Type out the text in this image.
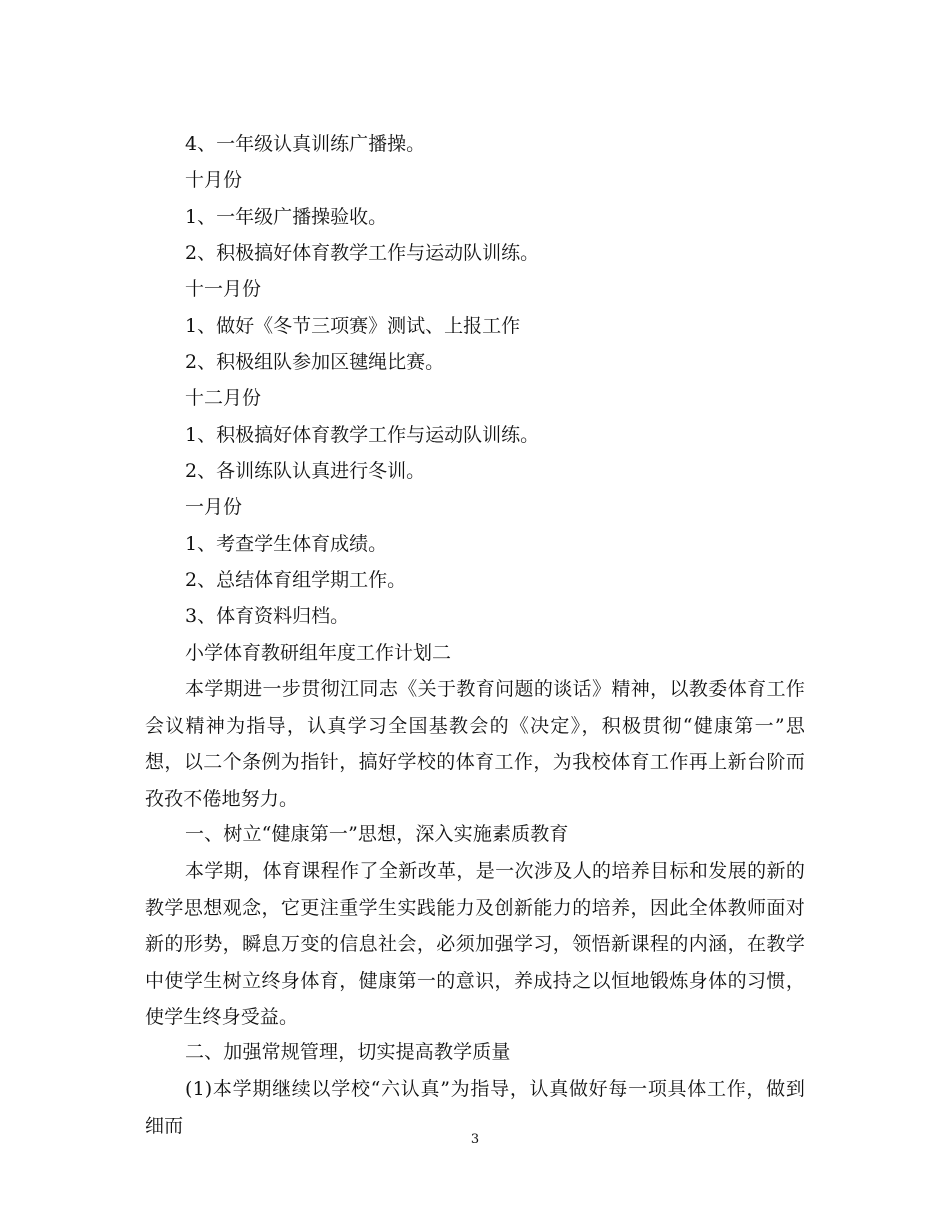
4、一年级认真训练广播操。

十月份

1、一年级广播操验收。

2、积极搞好体育教学工作与运动队训练。

十一月份

1、做好《冬节三项赛》测试、上报工作

2、积极组队参加区毽绳比赛。

十二月份

1、积极搞好体育教学工作与运动队训练。

2、各训练队认真进行冬训。

一月份

1、考查学生体育成绩。

2、总结体育组学期工作。

3、体育资料归档。

小学体育教研组年度工作计划二

本学期进一步贯彻江同志《关于教育问题的谈话》精神，以教委体育工作会议精神为指导，认真学习全国基教会的《决定》，积极贯彻“健康第一”思想，以二个条例为指针，搞好学校的体育工作，为我校体育工作再上新台阶而孜孜不倦地努力。

一、树立“健康第一”思想，深入实施素质教育

本学期，体育课程作了全新改革，是一次涉及人的培养目标和发展的新的教学思想观念，它更注重学生实践能力及创新能力的培养，因此全体教师面对新的形势，瞬息万变的信息社会，必须加强学习，领悟新课程的内涵，在教学中使学生树立终身体育，健康第一的意识，养成持之以恒地锻炼身体的习惯，使学生终身受益。

二、加强常规管理，切实提高教学质量

(1)本学期继续以学校“六认真”为指导，认真做好每一项具体工作，做到细而

3
